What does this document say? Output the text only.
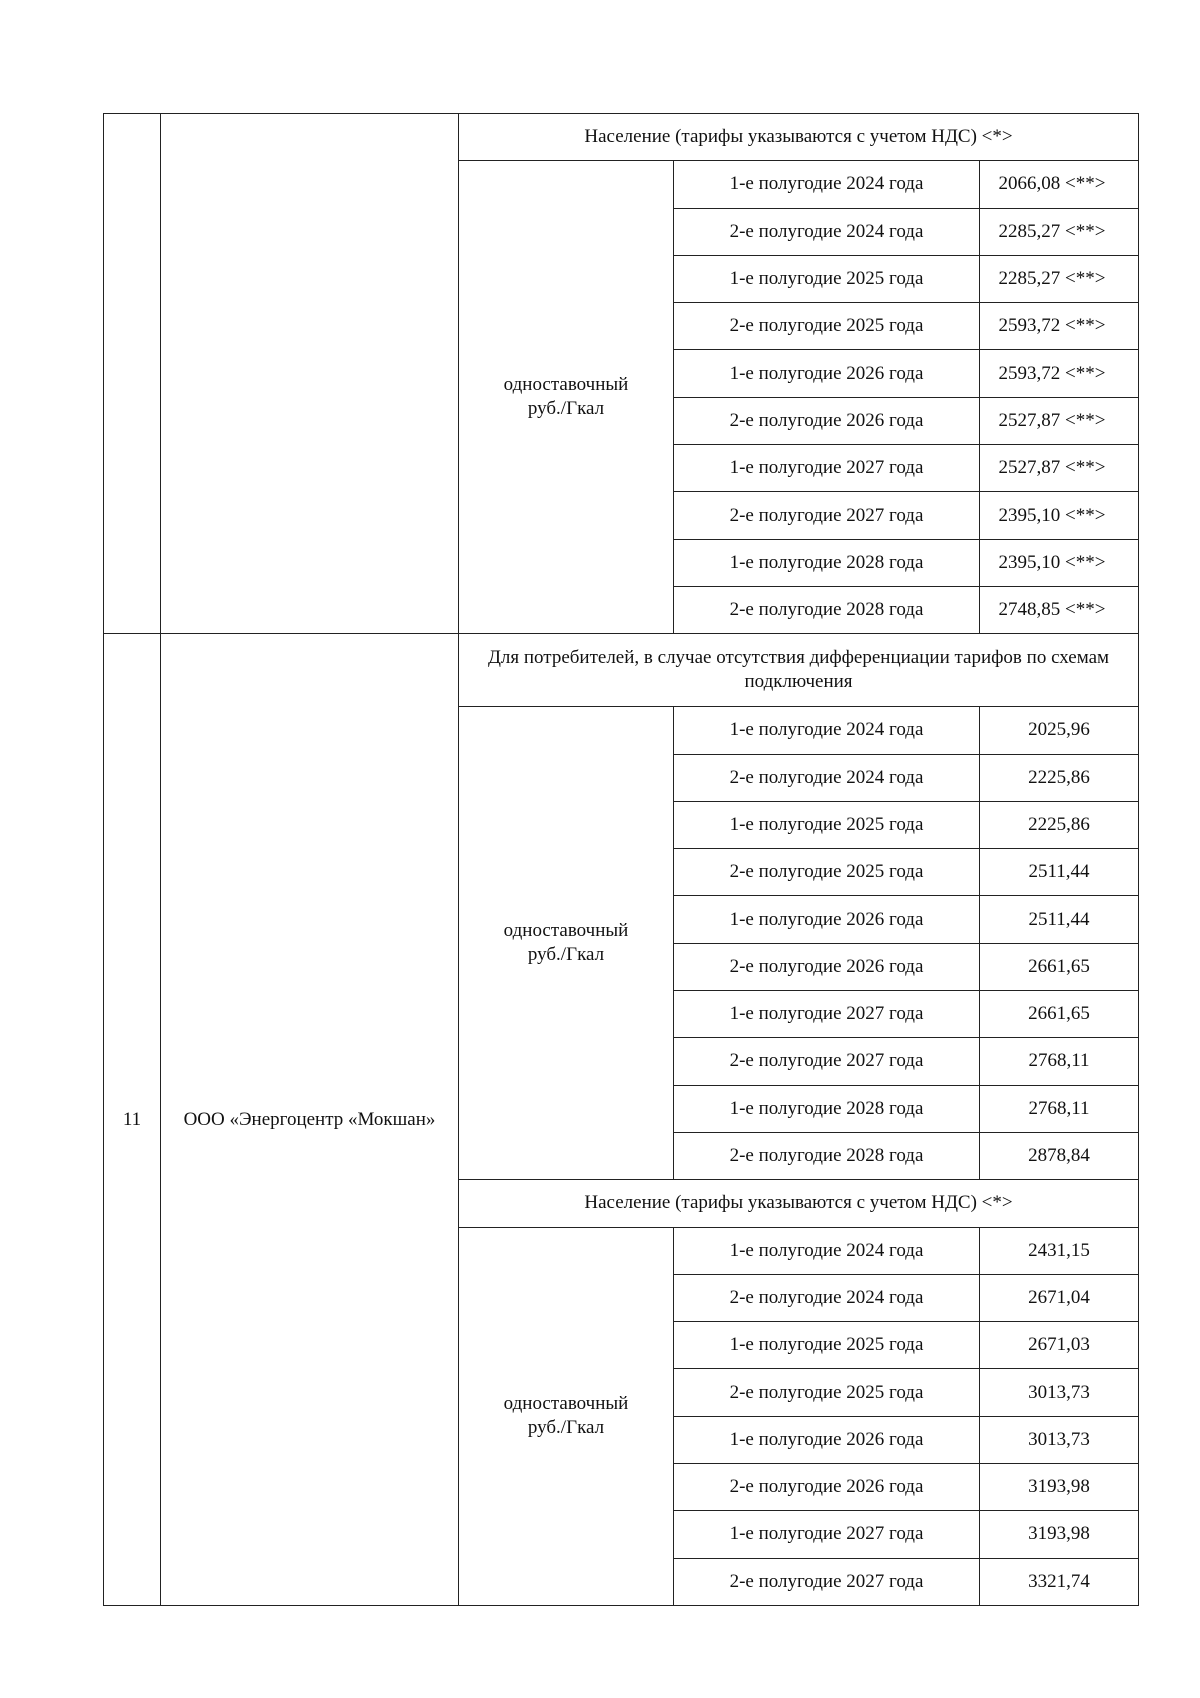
		Население (тарифы указываются с учетом НДС) <*>		
		одноставочный
руб./Гкал	1-е полугодие 2024 года	2066,08 <**>
			2-е полугодие 2024 года	2285,27 <**>
			1-е полугодие 2025 года	2285,27 <**>
			2-е полугодие 2025 года	2593,72 <**>
			1-е полугодие 2026 года	2593,72 <**>
			2-е полугодие 2026 года	2527,87 <**>
			1-е полугодие 2027 года	2527,87 <**>
			2-е полугодие 2027 года	2395,10 <**>
			1-е полугодие 2028 года	2395,10 <**>
			2-е полугодие 2028 года	2748,85 <**>
11	ООО «Энергоцентр «Мокшан»	Для потребителей, в случае отсутствия дифференциации тарифов по схемам подключения		
		одноставочный
руб./Гкал	1-е полугодие 2024 года	2025,96
			2-е полугодие 2024 года	2225,86
			1-е полугодие 2025 года	2225,86
			2-е полугодие 2025 года	2511,44
			1-е полугодие 2026 года	2511,44
			2-е полугодие 2026 года	2661,65
			1-е полугодие 2027 года	2661,65
			2-е полугодие 2027 года	2768,11
			1-е полугодие 2028 года	2768,11
			2-е полугодие 2028 года	2878,84
		Население (тарифы указываются с учетом НДС) <*>		
		одноставочный
руб./Гкал	1-е полугодие 2024 года	2431,15
			2-е полугодие 2024 года	2671,04
			1-е полугодие 2025 года	2671,03
			2-е полугодие 2025 года	3013,73
			1-е полугодие 2026 года	3013,73
			2-е полугодие 2026 года	3193,98
			1-е полугодие 2027 года	3193,98
			2-е полугодие 2027 года	3321,74
